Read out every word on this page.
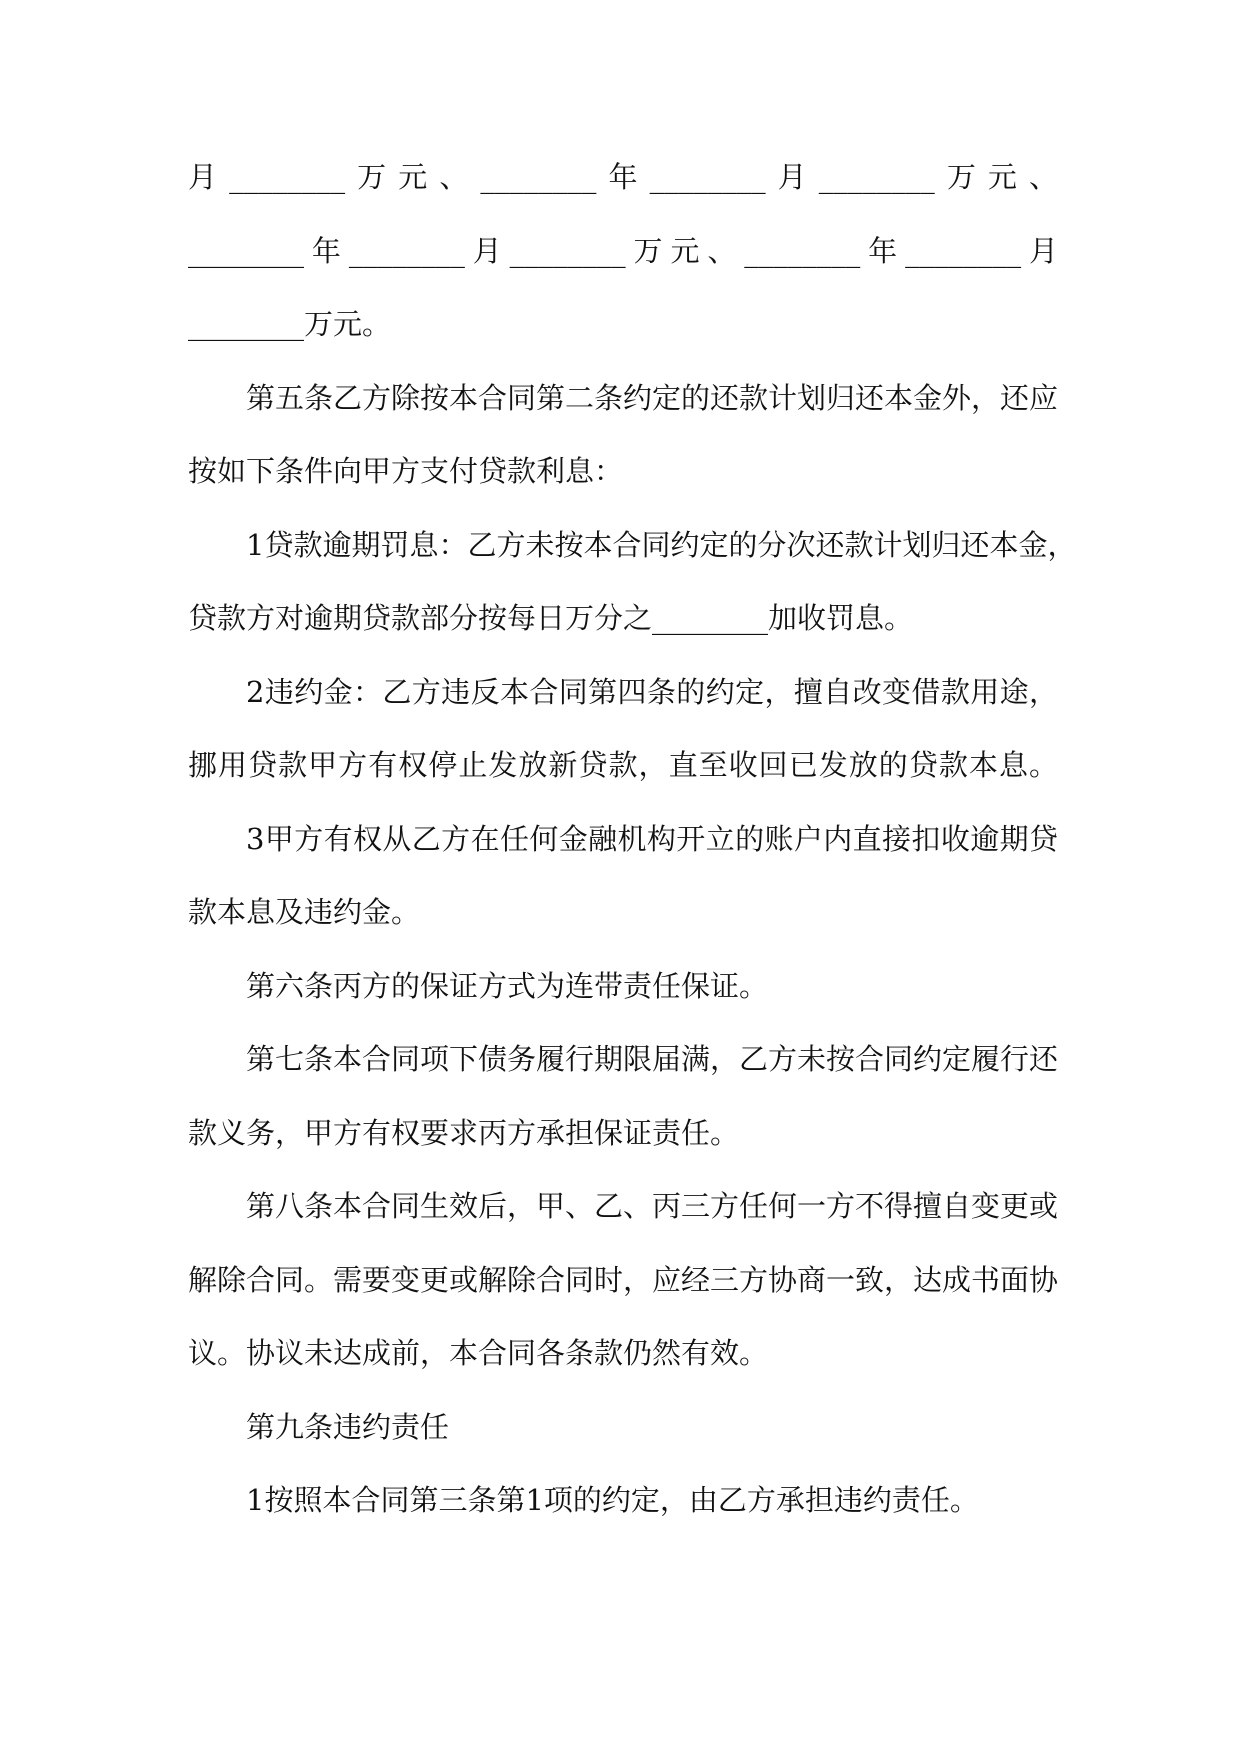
月________万元、________年________月________万元、
________年________月________万元、________年________月
________万元。
第五条乙方除按本合同第二条约定的还款计划归还本金外，还应
按如下条件向甲方支付贷款利息：
1贷款逾期罚息：乙方未按本合同约定的分次还款计划归还本金，
贷款方对逾期贷款部分按每日万分之________加收罚息。
2违约金：乙方违反本合同第四条的约定，擅自改变借款用途，
挪用贷款甲方有权停止发放新贷款，直至收回已发放的贷款本息。
3甲方有权从乙方在任何金融机构开立的账户内直接扣收逾期贷
款本息及违约金。
第六条丙方的保证方式为连带责任保证。
第七条本合同项下债务履行期限届满，乙方未按合同约定履行还
款义务，甲方有权要求丙方承担保证责任。
第八条本合同生效后，甲、乙、丙三方任何一方不得擅自变更或
解除合同。需要变更或解除合同时，应经三方协商一致，达成书面协
议。协议未达成前，本合同各条款仍然有效。
第九条违约责任
1按照本合同第三条第1项的约定，由乙方承担违约责任。
